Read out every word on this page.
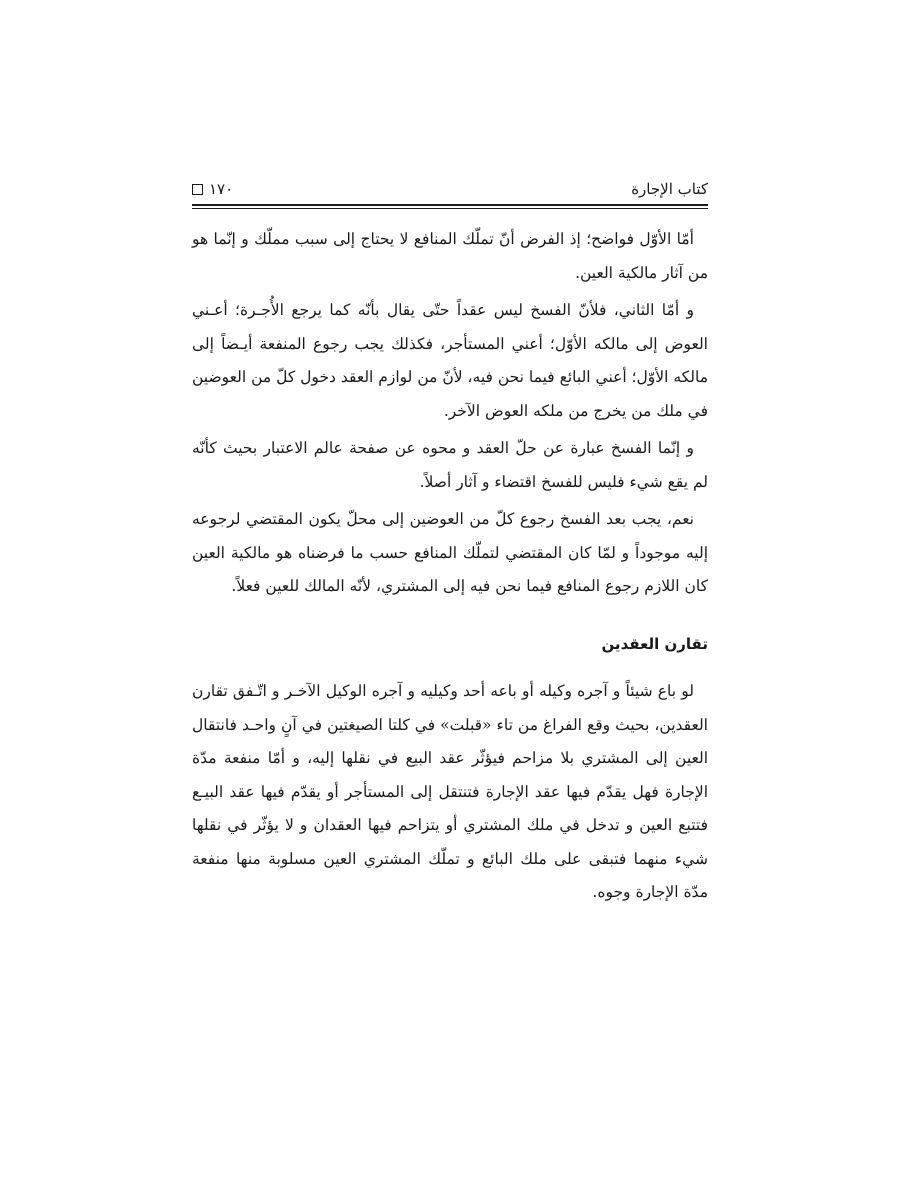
١٧٠	كتاب الإجارة

أمّا الأوّل فواضح؛ إذ الفرض أنّ تملّك المنافع لا يحتاج إلى سبب مملّك و إنّما هو من آثار مالكية العين.

و أمّا الثاني، فلأنّ الفسخ ليس عقداً حتّى يقال بأنّه كما يرجع الأُجـرة؛ أعـني العوض إلى مالكه الأوّل؛ أعني المستأجر، فكذلك يجب رجوع المنفعة أيـضاً إلى مالكه الأوّل؛ أعني البائع فيما نحن فيه، لأنّ من لوازم العقد دخول كلّ من العوضين في ملك من يخرج من ملكه العوض الآخر.

و إنّما الفسخ عبارة عن حلّ العقد و محوه عن صفحة عالم الاعتبار بحيث كأنّه لم يقع شيء فليس للفسخ اقتضاء و آثار أصلاً.

نعم، يجب بعد الفسخ رجوع كلّ من العوضين إلى محلّ يكون المقتضي لرجوعه إليه موجوداً و لمّا كان المقتضي لتملّك المنافع حسب ما فرضناه هو مالكية العين كان اللازم رجوع المنافع فيما نحن فيه إلى المشتري، لأنّه المالك للعين فعلاً.

تقارن العقدين

لو باع شيئاً و آجره وكيله أو باعه أحد وكيليه و آجره الوكيل الآخـر و اتّـفق تقارن العقدين، بحيث وقع الفراغ من تاء «قبلت» في كلتا الصيغتين في آنٍ واحـد فانتقال العين إلى المشتري بلا مزاحم فيؤثّر عقد البيع في نقلها إليه، و أمّا منفعة مدّة الإجارة فهل يقدّم فيها عقد الإجارة فتنتقل إلى المستأجر أو يقدّم فيها عقد البيـع فتتبع العين و تدخل في ملك المشتري أو يتزاحم فيها العقدان و لا يؤثّر في نقلها شيء منهما فتبقى على ملك البائع و تملّك المشتري العين مسلوبة منها منفعة مدّة الإجارة وجوه.
